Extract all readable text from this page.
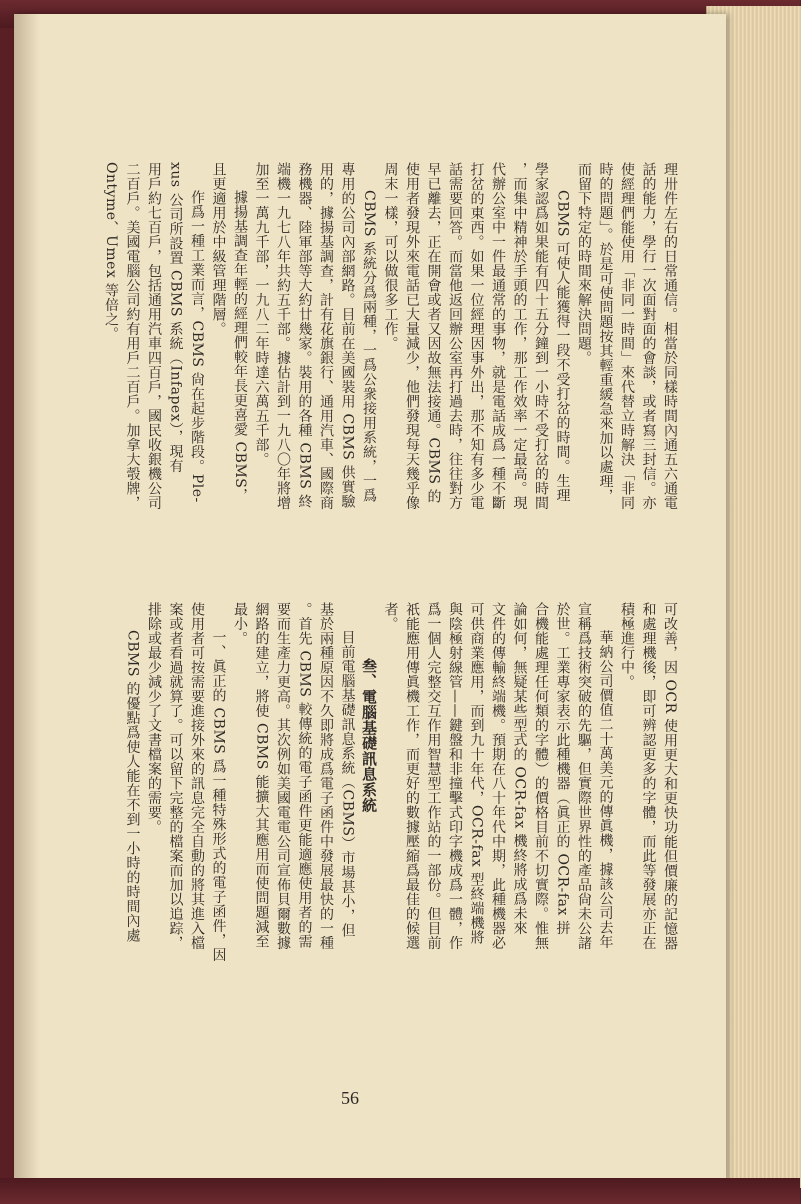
理卅件左右的日常通信。相當於同樣時間內通五六通電
話的能力，學行一次面對面的會談，或者寫三封信。亦
使經理們能使用「非同一時間」來代替立時解決「非同
時的問題」。於是可使問題按其輕重緩急來加以處理，
而留下特定的時間來解決問題。
CBMS 可使人能獲得一段不受打岔的時間。生理
學家認爲如果能有四十五分鐘到一小時不受打岔的時間
，而集中精神於手頭的工作，那工作效率一定最高。現
代辦公室中一件最通常的事物，就是電話成爲一種不斷
打岔的東西。如果一位經理因事外出，那不知有多少電
話需要回答。而當他返回辦公室再打過去時，往往對方
早已離去，正在開會或者又因故無法接通。CBMS 的
使用者發現外來電話已大量減少，他們發現每天幾乎像
周末一樣，可以做很多工作。
CBMS 系統分爲兩種，一爲公衆接用系統，一爲
專用的公司內部網路。目前在美國裝用 CBMS 供實驗
用的，據揚基調查，計有花旗銀行、通用汽車、國際商
務機器、陸軍部等大約廿幾家。裝用的各種 CBMS 終
端機一九七八年共約五千部。據估計到一九八〇年將增
加至一萬九千部，一九八二年時達六萬五千部。
據揚基調查年輕的經理們較年長更喜愛 CBMS，
且更適用於中級管理階層。
作爲一種工業而言，CBMS 尙在起步階段。Ple-
xus 公司所設置 CBMS 系統（Infapex），現有
用戶約七百戶，包括通用汽車四百戶，國民收銀機公司
二百戶。美國電腦公司約有用戶二百戶。加拿大彀牌，
Ontyme、Umex 等倍之。
可改善，因 OCR 使用更大和更快功能但價廉的記憶器
和處理機後，即可辨認更多的字體，而此等發展亦正在
積極進行中。
華納公司價值二十萬美元的傳眞機，據該公司去年
宣稱爲技術突破的先驅，但實際世界性的產品尙未公諸
於世。工業專家表示此種機器（眞正的 OCR-fax 拼
合機能處理任何類的字體）的價格目前不切實際。惟無
論如何，無疑某些型式的 OCR-fax 機終將成爲未來
文件的傳輸終端機。預期在八十年代中期，此種機器必
可供商業應用，而到九十年代，OCR-fax 型終端機將
與陰極射線管——鍵盤和非撞擊式印字機成爲一體，作
爲一個人完整交互作用智慧型工作站的一部份。但目前
祇能應用傳眞機工作，而更好的數據壓縮爲最佳的候選
者。
叁、電腦基礎訊息系統
目前電腦基礎訊息系統（CBMS）市場甚小，但
基於兩種原因不久即將成爲電子函件中發展最快的一種
。首先 CBMS 較傳統的電子函件更能適應使用者的需
要而生產力更高。其次例如美國電電公司宣佈貝爾數據
網路的建立，將使 CBMS 能擴大其應用而使問題減至
最小。
一、眞正的 CBMS 爲一種特殊形式的電子函件，因
使用者可按需要進接外來的訊息完全自動的將其進入檔
案或者看過就算了。可以留下完整的檔案而加以追踪，
排除或最少減少了文書檔案的需要。
CBMS 的優點爲使人能在不到一小時的時間內處
56
